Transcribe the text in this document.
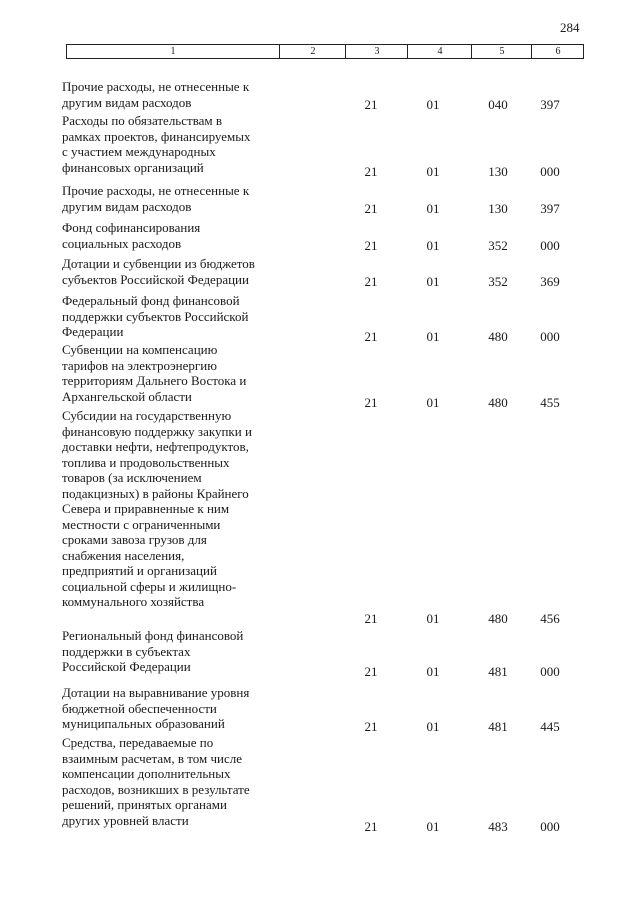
284
1	2	3	4	5	6
Прочие расходы, не отнесенные к
другим видам расходов	21	01	040	397
Расходы по обязательствам в
рамках проектов, финансируемых
с участием международных
финансовых организаций	21	01	130	000
Прочие расходы, не отнесенные к
другим видам расходов	21	01	130	397
Фонд софинансирования
социальных расходов	21	01	352	000
Дотации и субвенции из бюджетов
субъектов Российской Федерации	21	01	352	369
Федеральный фонд финансовой
поддержки субъектов Российской
Федерации	21	01	480	000
Субвенции на компенсацию
тарифов на электроэнергию
территориям Дальнего Востока и
Архангельской области	21	01	480	455
Субсидии на государственную
финансовую поддержку закупки и
доставки нефти, нефтепродуктов,
топлива и продовольственных
товаров (за исключением
подакцизных) в районы Крайнего
Севера и приравненные к ним
местности с ограниченными
сроками завоза грузов для
снабжения населения,
предприятий и организаций
социальной сферы и жилищно-
коммунального хозяйства
21	01	480	456
Региональный фонд финансовой
поддержки в субъектах
Российской Федерации	21	01	481	000
Дотации на выравнивание уровня
бюджетной обеспеченности
муниципальных образований	21	01	481	445
Средства, передаваемые по
взаимным расчетам, в том числе
компенсации дополнительных
расходов, возникших в результате
решений, принятых органами
других уровней власти	21	01	483	000
